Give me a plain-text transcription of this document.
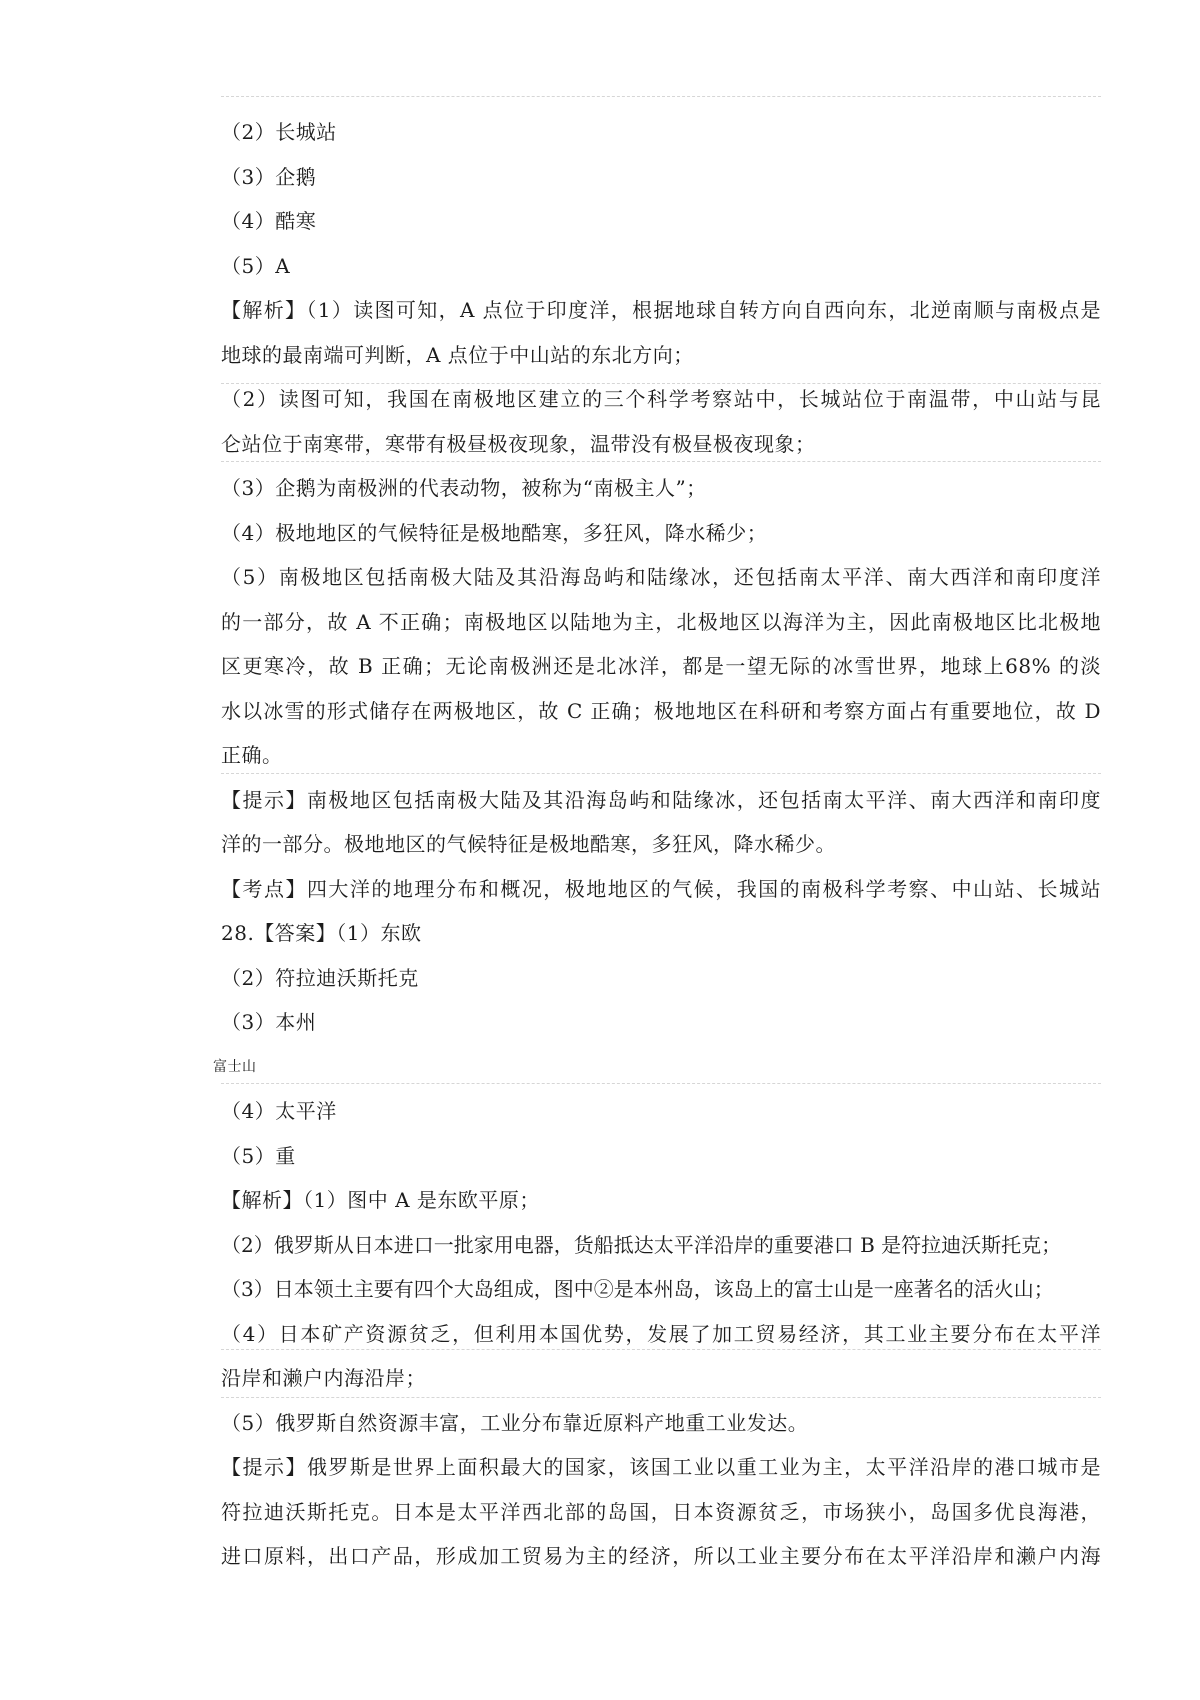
（2）长城站
（3）企鹅
（4）酷寒
（5）A
【解析】（1）读图可知，A 点位于印度洋，根据地球自转方向自西向东，北逆南顺与南极点是
地球的最南端可判断，A 点位于中山站的东北方向；
（2）读图可知，我国在南极地区建立的三个科学考察站中，长城站位于南温带，中山站与昆
仑站位于南寒带，寒带有极昼极夜现象，温带没有极昼极夜现象；
（3）企鹅为南极洲的代表动物，被称为“南极主人”；
（4）极地地区的气候特征是极地酷寒，多狂风，降水稀少；
（5）南极地区包括南极大陆及其沿海岛屿和陆缘冰，还包括南太平洋、南大西洋和南印度洋
的一部分，故 A 不正确；南极地区以陆地为主，北极地区以海洋为主，因此南极地区比北极地
区更寒冷，故 B 正确；无论南极洲还是北冰洋，都是一望无际的冰雪世界，地球上68% 的淡
水以冰雪的形式储存在两极地区，故 C 正确；极地地区在科研和考察方面占有重要地位，故 D
正确。
【提示】南极地区包括南极大陆及其沿海岛屿和陆缘冰，还包括南太平洋、南大西洋和南印度
洋的一部分。极地地区的气候特征是极地酷寒，多狂风，降水稀少。
【考点】四大洋的地理分布和概况，极地地区的气候，我国的南极科学考察、中山站、长城站
28.【答案】（1）东欧
（2）符拉迪沃斯托克
（3）本州
富士山
（4）太平洋
（5）重
【解析】（1）图中 A 是东欧平原；
（2）俄罗斯从日本进口一批家用电器，货船抵达太平洋沿岸的重要港口 B 是符拉迪沃斯托克；
（3）日本领土主要有四个大岛组成，图中②是本州岛，该岛上的富士山是一座著名的活火山；
（4）日本矿产资源贫乏，但利用本国优势，发展了加工贸易经济，其工业主要分布在太平洋
沿岸和濑户内海沿岸；
（5）俄罗斯自然资源丰富，工业分布靠近原料产地重工业发达。
【提示】俄罗斯是世界上面积最大的国家，该国工业以重工业为主，太平洋沿岸的港口城市是
符拉迪沃斯托克。日本是太平洋西北部的岛国，日本资源贫乏，市场狭小，岛国多优良海港，
进口原料，出口产品，形成加工贸易为主的经济，所以工业主要分布在太平洋沿岸和濑户内海
